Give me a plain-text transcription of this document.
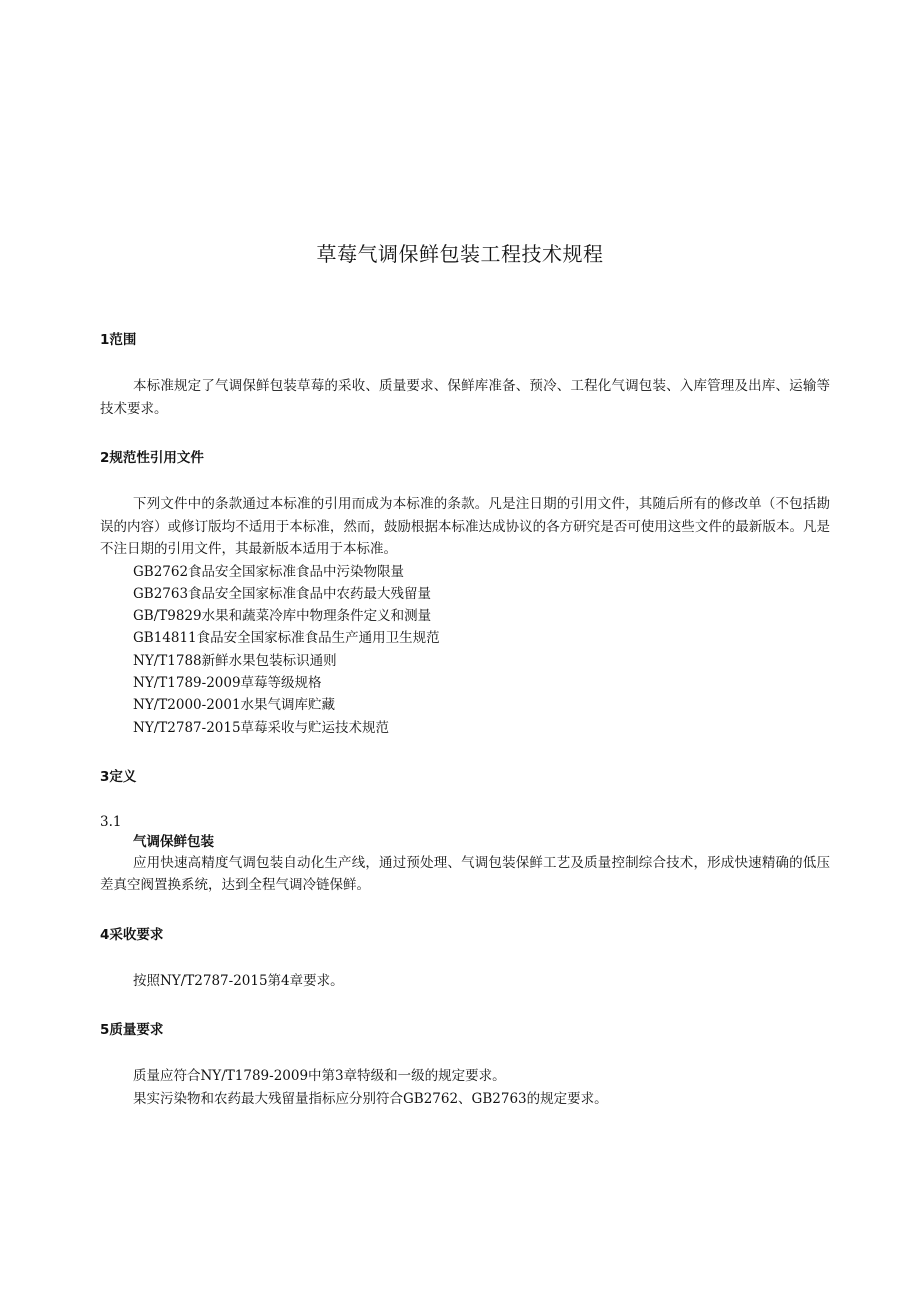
草莓气调保鲜包装工程技术规程

1范围

本标准规定了气调保鲜包装草莓的采收、质量要求、保鲜库准备、预冷、工程化气调包装、入库管理及出库、运输等技术要求。

2规范性引用文件

下列文件中的条款通过本标准的引用而成为本标准的条款。凡是注日期的引用文件，其随后所有的修改单（不包括勘误的内容）或修订版均不适用于本标准，然而，鼓励根据本标准达成协议的各方研究是否可使用这些文件的最新版本。凡是不注日期的引用文件，其最新版本适用于本标准。

GB2762食品安全国家标准食品中污染物限量

GB2763食品安全国家标准食品中农药最大残留量

GB/T9829水果和蔬菜冷库中物理条件定义和测量

GB14811食品安全国家标准食品生产通用卫生规范

NY/T1788新鲜水果包装标识通则

NY/T1789-2009草莓等级规格

NY/T2000-2001水果气调库贮藏

NY/T2787-2015草莓采收与贮运技术规范

3定义

3.1

气调保鲜包装

应用快速高精度气调包装自动化生产线，通过预处理、气调包装保鲜工艺及质量控制综合技术，形成快速精确的低压差真空阀置换系统，达到全程气调冷链保鲜。

4采收要求

按照NY/T2787-2015第4章要求。

5质量要求

质量应符合NY/T1789-2009中第3章特级和一级的规定要求。

果实污染物和农药最大残留量指标应分别符合GB2762、GB2763的规定要求。
